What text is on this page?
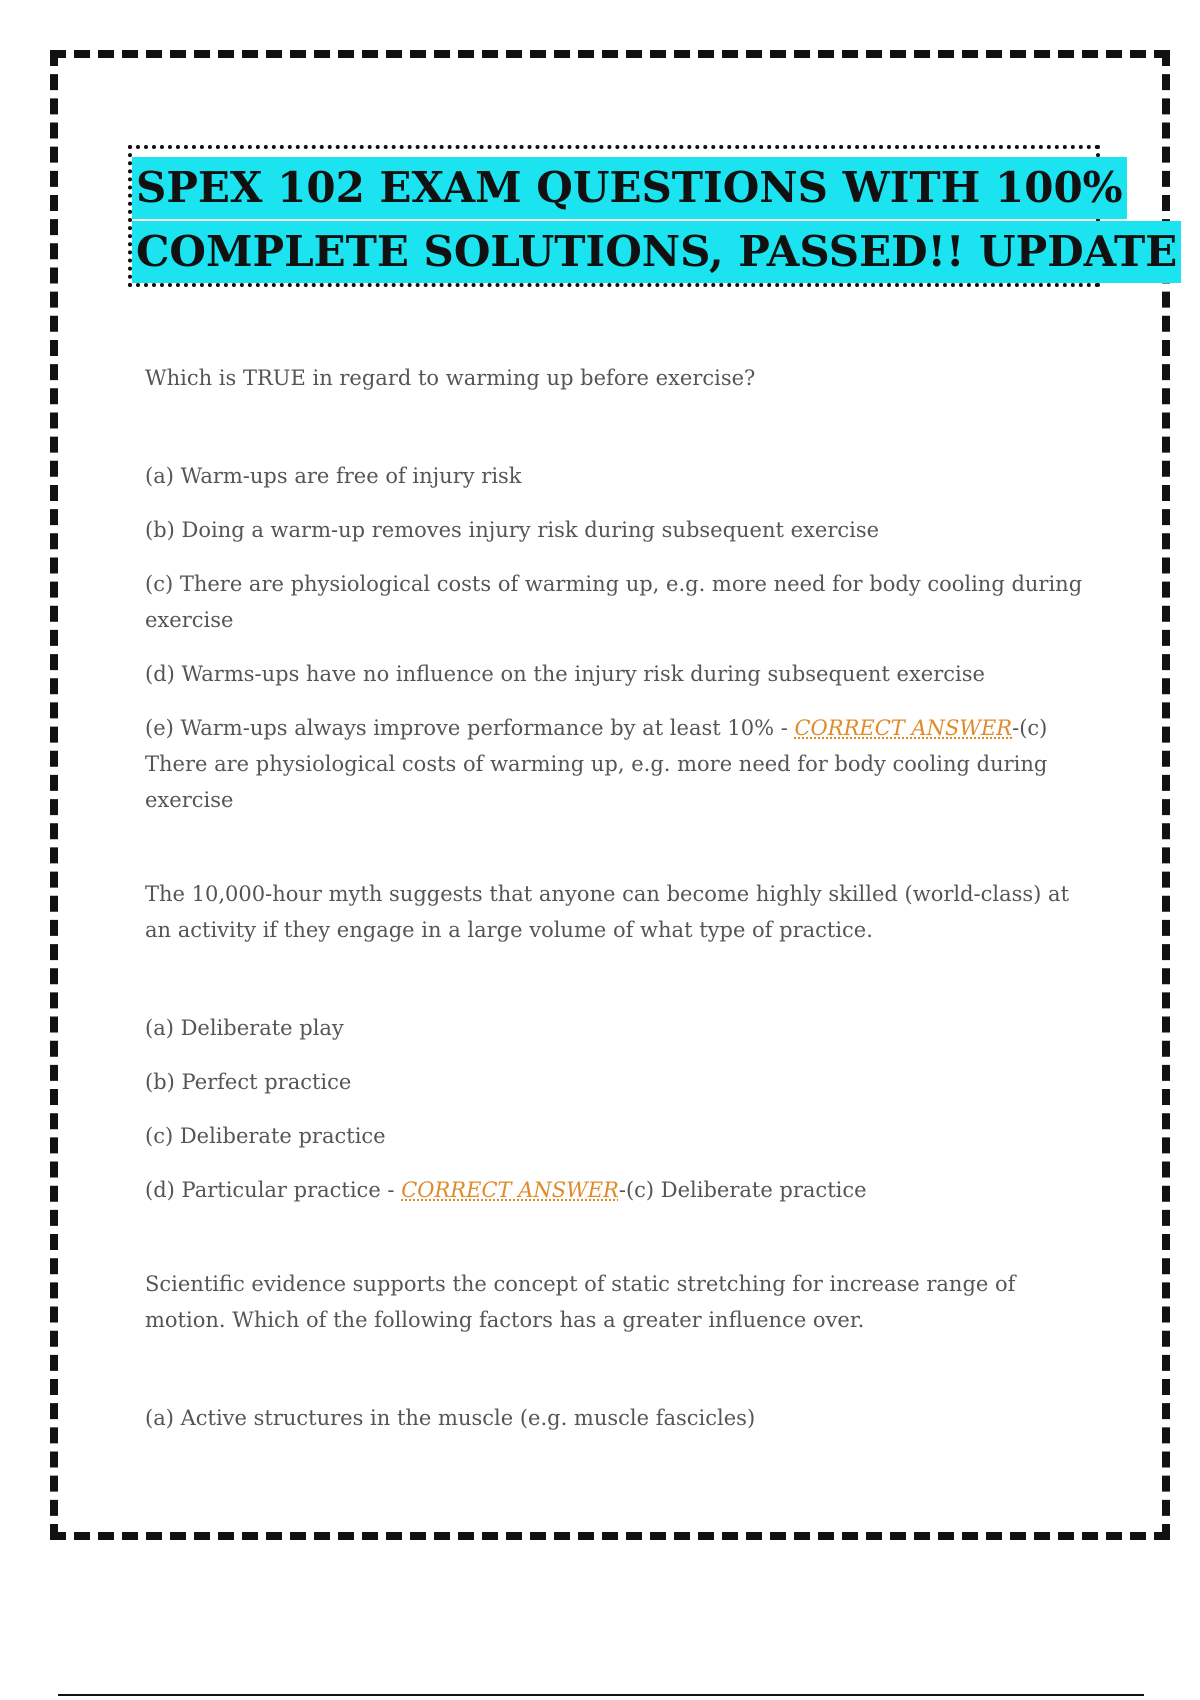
SPEX 102 EXAM QUESTIONS WITH 100%
COMPLETE SOLUTIONS, PASSED!! UPDATE

Which is TRUE in regard to warming up before exercise?

(a) Warm-ups are free of injury risk

(b) Doing a warm-up removes injury risk during subsequent exercise

(c) There are physiological costs of warming up, e.g. more need for body cooling during exercise

(d) Warms-ups have no influence on the injury risk during subsequent exercise

(e) Warm-ups always improve performance by at least 10% - CORRECT ANSWER-(c) There are physiological costs of warming up, e.g. more need for body cooling during exercise

The 10,000-hour myth suggests that anyone can become highly skilled (world-class) at an activity if they engage in a large volume of what type of practice.

(a) Deliberate play

(b) Perfect practice

(c) Deliberate practice

(d) Particular practice - CORRECT ANSWER-(c) Deliberate practice

Scientific evidence supports the concept of static stretching for increase range of motion. Which of the following factors has a greater influence over.

(a) Active structures in the muscle (e.g. muscle fascicles)
